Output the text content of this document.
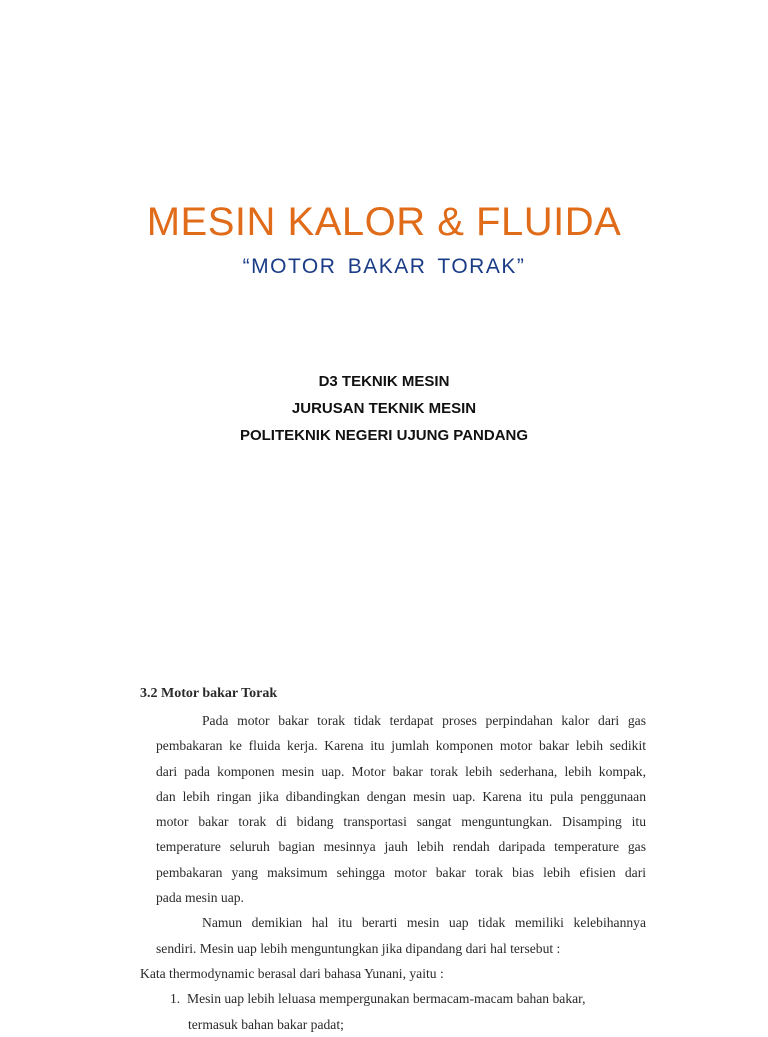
MESIN KALOR & FLUIDA
“MOTOR BAKAR TORAK”
D3 TEKNIK MESIN
JURUSAN TEKNIK MESIN
POLITEKNIK NEGERI UJUNG PANDANG
3.2 Motor bakar Torak
Pada motor bakar torak tidak terdapat proses perpindahan kalor dari gas
pembakaran ke fluida kerja. Karena itu jumlah komponen motor bakar lebih sedikit
dari pada komponen mesin uap. Motor bakar torak lebih sederhana, lebih kompak,
dan lebih ringan jika dibandingkan dengan mesin uap. Karena itu pula penggunaan
motor bakar torak di bidang transportasi sangat menguntungkan. Disamping itu
temperature seluruh bagian mesinnya jauh lebih rendah daripada temperature gas
pembakaran yang maksimum sehingga motor bakar torak bias lebih efisien dari
pada mesin uap.
Namun demikian hal itu berarti mesin uap tidak memiliki kelebihannya
sendiri. Mesin uap lebih menguntungkan jika dipandang dari hal tersebut :
Kata thermodynamic berasal dari bahasa Yunani, yaitu :
1. Mesin uap lebih leluasa mempergunakan bermacam-macam bahan bakar,
termasuk bahan bakar padat;
